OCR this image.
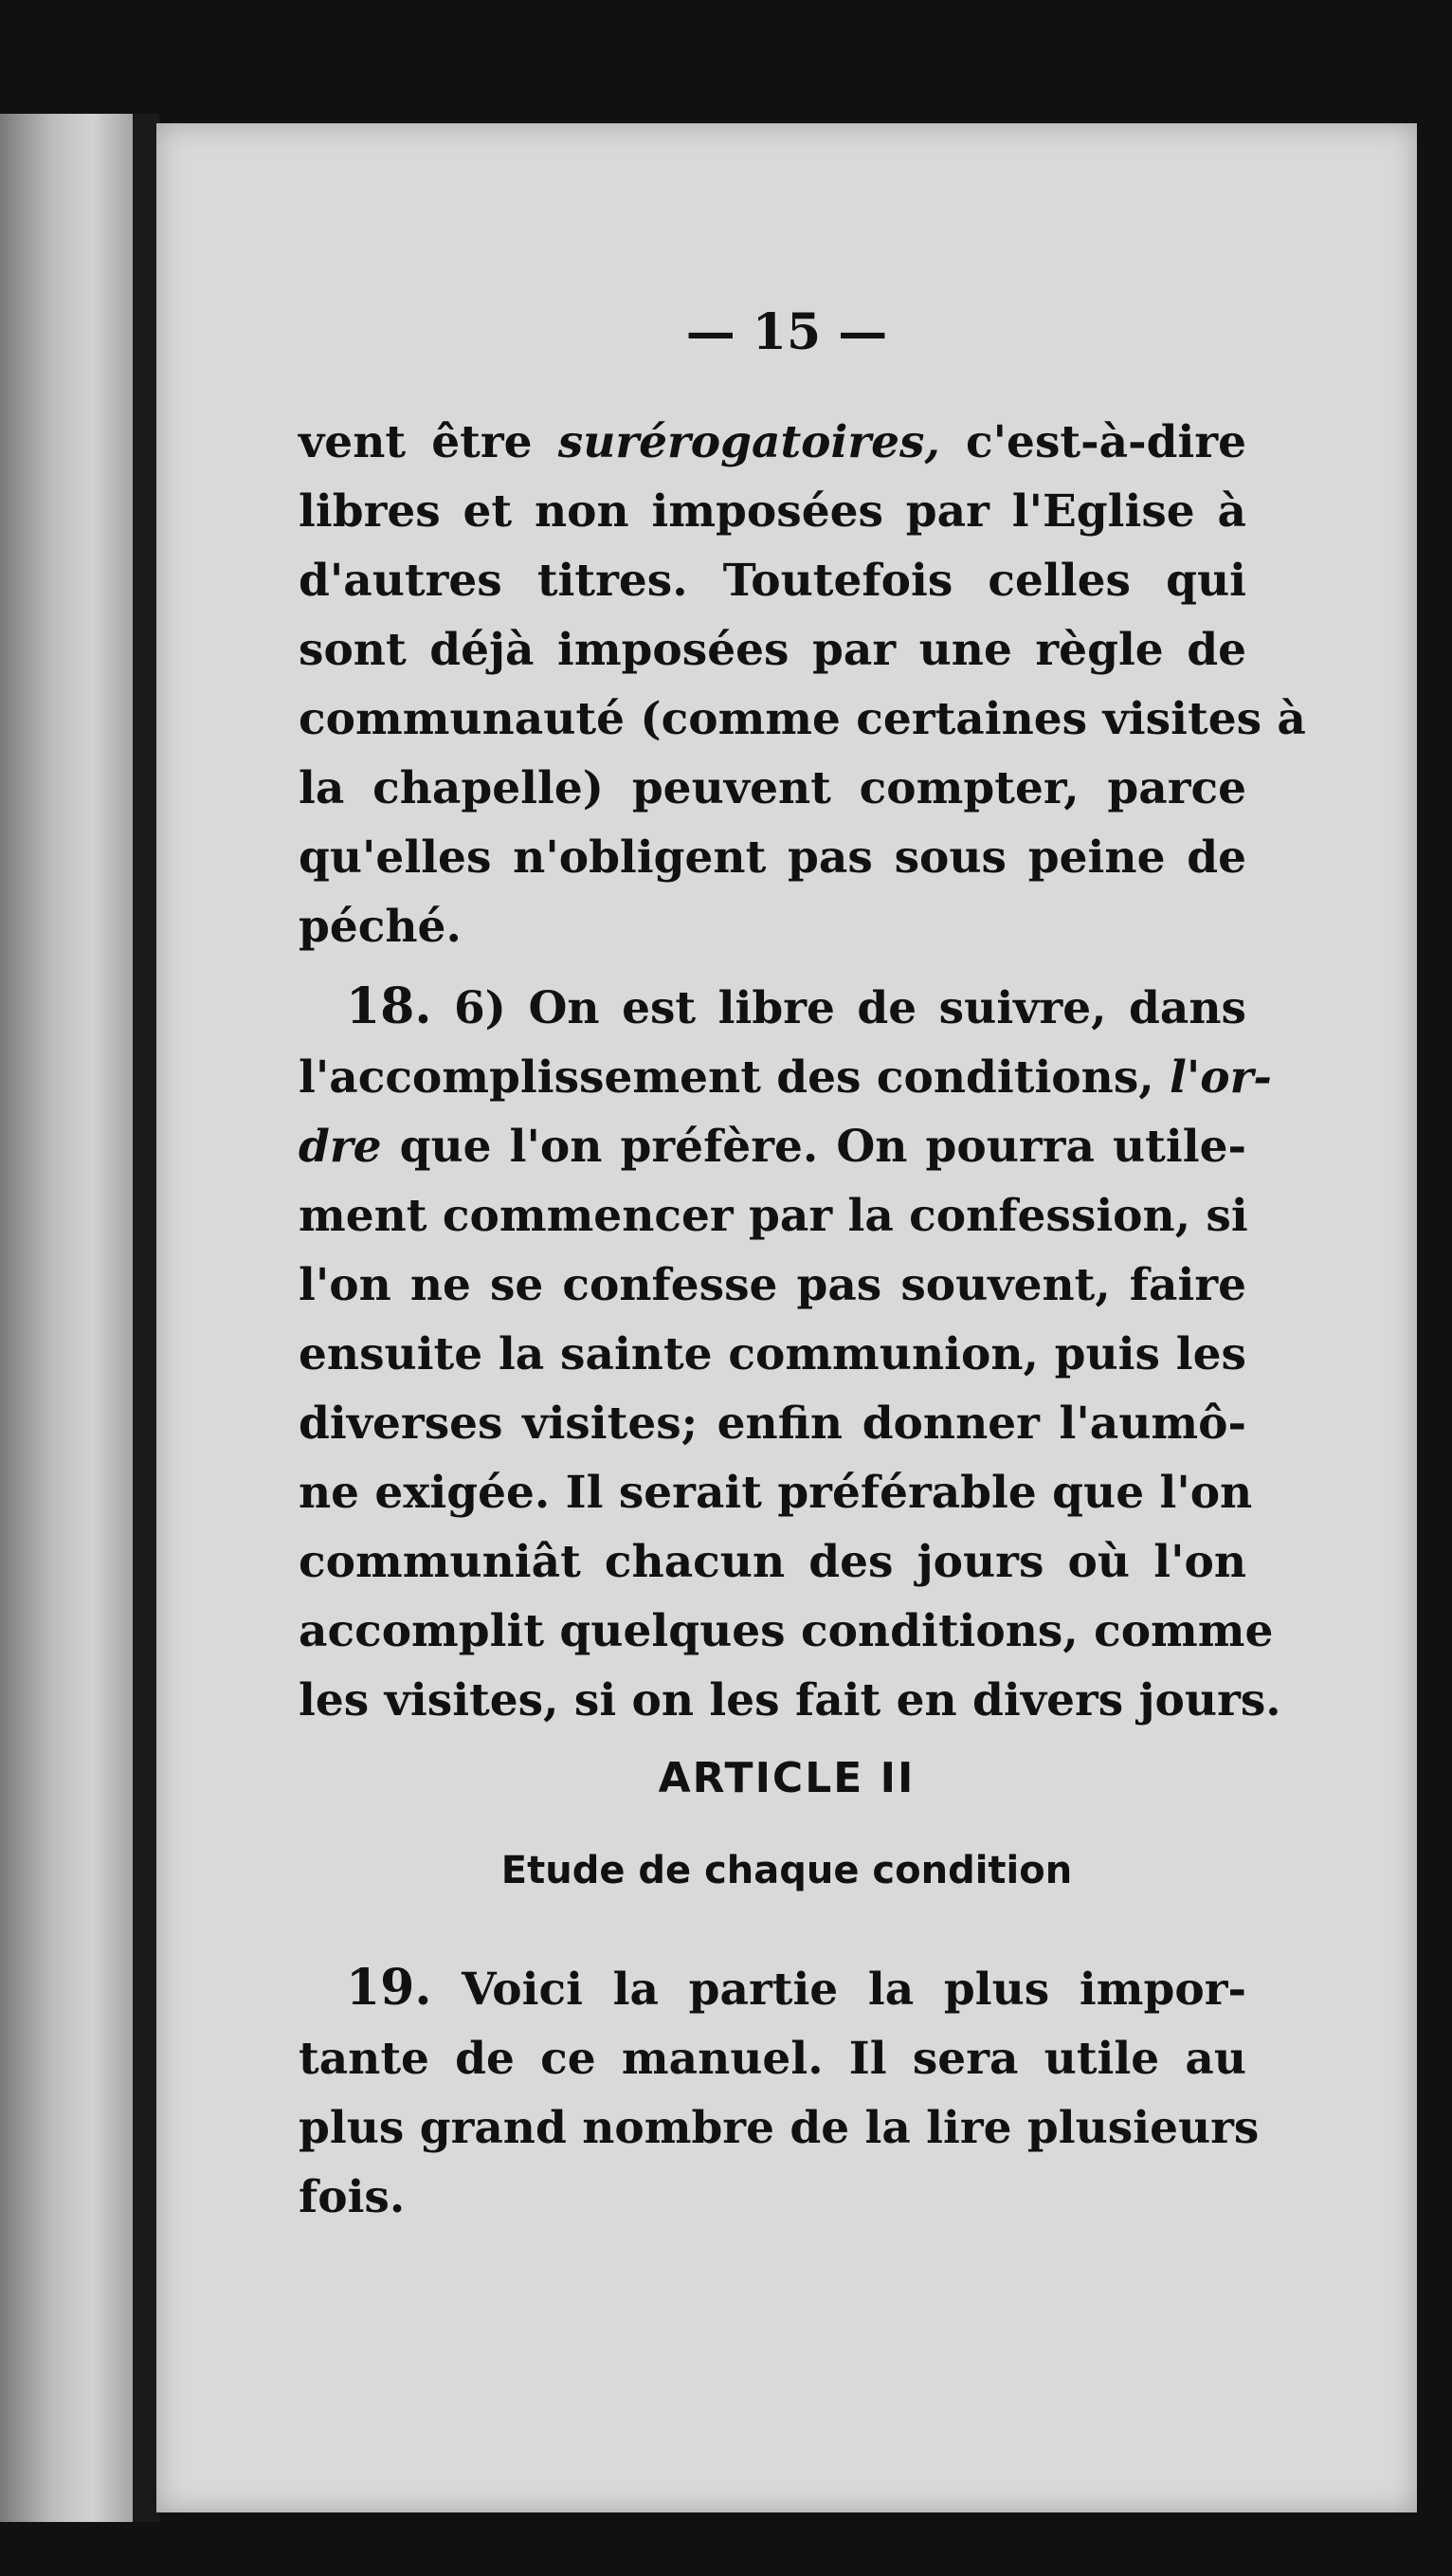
— 15 —
vent être surérogatoires, c'est-à-dire
libres et non imposées par l'Eglise à
d'autres titres. Toutefois celles qui
sont déjà imposées par une règle de
communauté (comme certaines visites à
la chapelle) peuvent compter, parce
qu'elles n'obligent pas sous peine de
péché.
18. 6) On est libre de suivre, dans
l'accomplissement des conditions, l'or-
dre que l'on préfère. On pourra utile-
ment commencer par la confession, si
l'on ne se confesse pas souvent, faire
ensuite la sainte communion, puis les
diverses visites; enfin donner l'aumô-
ne exigée. Il serait préférable que l'on
communiât chacun des jours où l'on
accomplit quelques conditions, comme
les visites, si on les fait en divers jours.
ARTICLE II
Etude de chaque condition
19. Voici la partie la plus impor-
tante de ce manuel. Il sera utile au
plus grand nombre de la lire plusieurs
fois.
